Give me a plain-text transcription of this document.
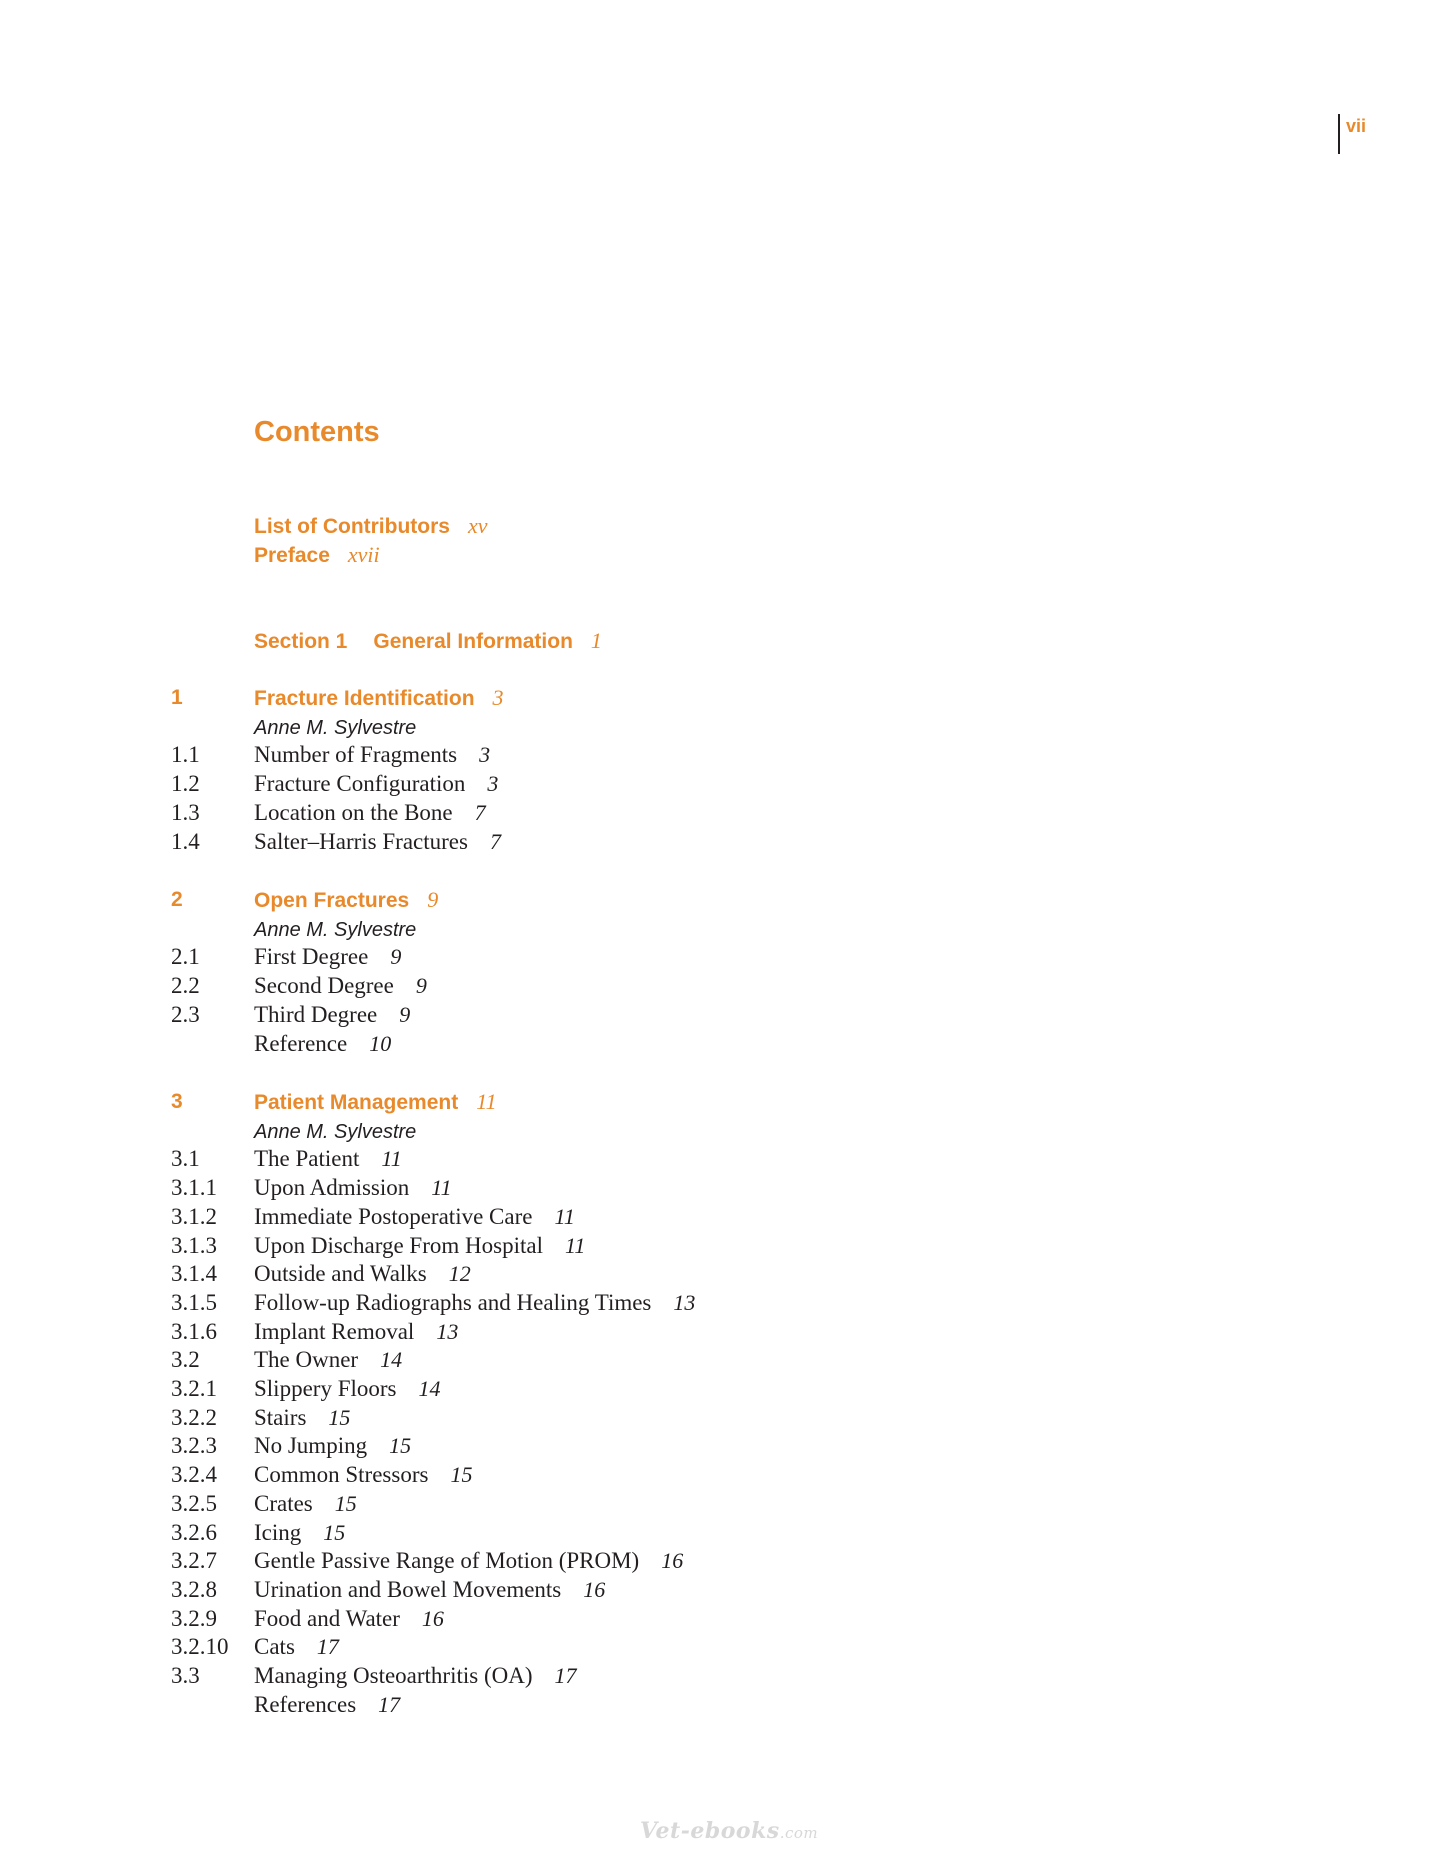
vii
Contents
List of Contributors xv
Preface xvii
Section 1 General Information 1
1	Fracture Identification 3
Anne M. Sylvestre
1.1 Number of Fragments 3
1.2 Fracture Configuration 3
1.3 Location on the Bone 7
1.4 Salter–Harris Fractures 7
2	Open Fractures 9
Anne M. Sylvestre
2.1 First Degree 9
2.2 Second Degree 9
2.3 Third Degree 9
Reference 10
3	Patient Management 11
Anne M. Sylvestre
3.1 The Patient 11
3.1.1 Upon Admission 11
3.1.2 Immediate Postoperative Care 11
3.1.3 Upon Discharge From Hospital 11
3.1.4 Outside and Walks 12
3.1.5 Follow-up Radiographs and Healing Times 13
3.1.6 Implant Removal 13
3.2 The Owner 14
3.2.1 Slippery Floors 14
3.2.2 Stairs 15
3.2.3 No Jumping 15
3.2.4 Common Stressors 15
3.2.5 Crates 15
3.2.6 Icing 15
3.2.7 Gentle Passive Range of Motion (PROM) 16
3.2.8 Urination and Bowel Movements 16
3.2.9 Food and Water 16
3.2.10 Cats 17
3.3 Managing Osteoarthritis (OA) 17
References 17
Vet-ebooks.com
